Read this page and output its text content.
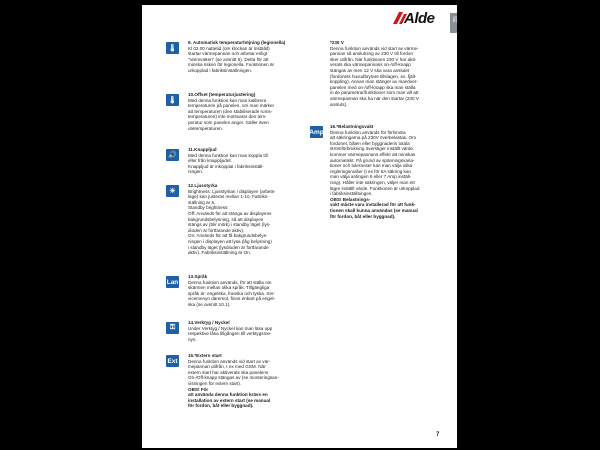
SE
Alde
7
9. Automatisk temperaturhöjning (legionella)
Kl 02.00 nattetid (om klockan är inställd)
startar värmepannan och arbetar enligt
”Varmvatten” (se avsnitt 5). Detta för att
minska risken för legionella. Funktionen är
urkopplad i fabriksinställningen.
🌡
10.Offset (temperaturjustering)
Med denna funktion kan man kalibrera
temperaturen på panelen, om man märker
att temperaturen (den stabiliserade rums-
temperaturen) inte motsvarar den tem-
peratur som panelen anger. Gäller även
utetemperaturen.
🌡
11.Knappljud
Med denna funktion kan man koppla till
eller från knappljudet.
Knappljud är inkopplat i fabriksinställ-
ningen.
🔊
12.Ljusstyrka
Brightness: Ljusstyrkan i displayen (arbets-
läge) kan justeras mellan 1-10. Fabriks-
ställning är 5.
Standby brightness:
Off: Används för att stänga av displayens
bakgrundsbelysning, så att displayen
stängs av (blir mörk) i standby läget (lys-
dioden är fortfarande aktiv).
On: Används för att få bakgrundsbelys-
ningen i displayen att lysa (låg belysning)
i standby läget (lysdioden är fortfarande
aktiv). Fabriksinställning är On.
☀
13.Språk
Denna funktion används, för att ställa om
skärmen mellan olika språk. Tillgängliga
språk är: engelska, franska och tyska. Ser-
vicemenyn däremot, finns enbart på engel-
ska (se avsnitt 10.1).
Lan
14.Verktyg / Nyckel
Under Verktyg / Nyckel kan man läsa upp
respektive låsa tillgången till verktygsme-
nyn.
⚿
15.*Extern start
Denna funktion används vid start av vär-
mepannan utifrån, t ex med GSM. När
extern start har aktiverats ska panelens
On-/Off-knapp stängas av (se monteringsan-
visningen för extern start).
OBS! För
att använda denna funktion krävs en
installation av extern start (se manual
för fordon, båt eller byggnad).
Ext
*230 V
Denna funktion används vid start av värme-
pannan så anslutning av 230 V till fordon
sker utifrån. När funktionen 230 V har akti-
verats ska värmepannans on-/off-knapp
stängas av men 12 V ska vara anslutet
(fordonets huvudbrytare tillslagen, ex. fjäll-
koppling). Annan man stänger av manöver-
panelen med on-/off-knapp ska man ställa
in de parametrar/funktioner som man vill att
värmepannan ska ha när den startar (230 V
ansluts).
16.*Belastningsvakt
Denna funktion används för förhindra
att säkringarna på 230V överbelastas. Om
fordonet, båten eller byggnadens totala
strömförbrukning överstiger inställt värde,
kommer värmepannans effekt att minskas
automatiskt. På grund av spänningsvaria-
tioner och toleranser kan man välja olika
regleringsnivåer (t ex för 6A säkring kan
man välja antingen 6 eller 7 Amp inställ-
ning). Håller inte säkringen, väljer man ett
lägre inställt värde. Funktionen är urkopplad
i fabriksinställningen.
OBS! Belastnings-
vakt måste vara installerad för att funk-
tionen skall kunna användas (se manual
för fordon, båt eller byggnad).
Amp
